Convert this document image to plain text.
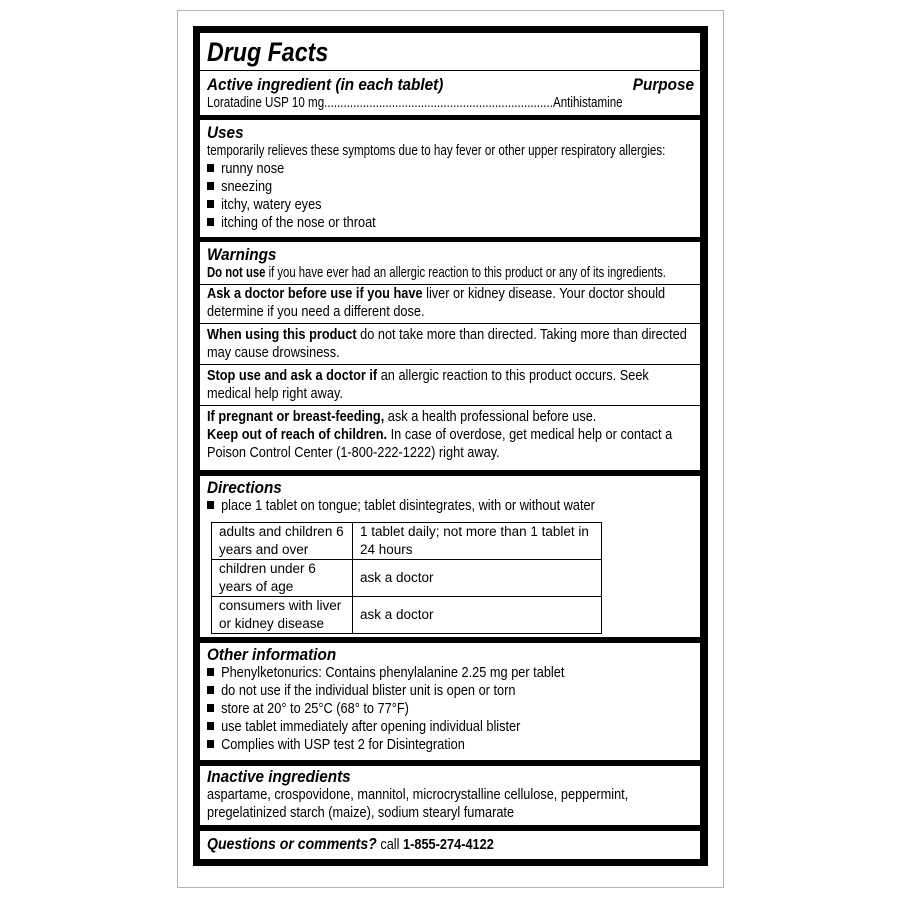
Drug Facts
Active ingredient (in each tablet)	Purpose
Loratadine USP 10 mg.......................................................................Antihistamine
Uses
temporarily relieves these symptoms due to hay fever or other upper respiratory allergies:
runny nose
sneezing
itchy, watery eyes
itching of the nose or throat
Warnings
Do not use if you have ever had an allergic reaction to this product or any of its ingredients.
Ask a doctor before use if you have liver or kidney disease. Your doctor should determine if you need a different dose.
When using this product do not take more than directed. Taking more than directed may cause drowsiness.
Stop use and ask a doctor if an allergic reaction to this product occurs. Seek medical help right away.
If pregnant or breast-feeding, ask a health professional before use.
Keep out of reach of children. In case of overdose, get medical help or contact a Poison Control Center (1-800-222-1222) right away.
Directions
place 1 tablet on tongue; tablet disintegrates, with or without water
adults and children 6 years and over	1 tablet daily; not more than 1 tablet in 24 hours
children under 6 years of age	ask a doctor
consumers with liver or kidney disease	ask a doctor
Other information
Phenylketonurics: Contains phenylalanine 2.25 mg per tablet
do not use if the individual blister unit is open or torn
store at 20° to 25°C (68° to 77°F)
use tablet immediately after opening individual blister
Complies with USP test 2 for Disintegration
Inactive ingredients
aspartame, crospovidone, mannitol, microcrystalline cellulose, peppermint, pregelatinized starch (maize), sodium stearyl fumarate
Questions or comments? call 1-855-274-4122
